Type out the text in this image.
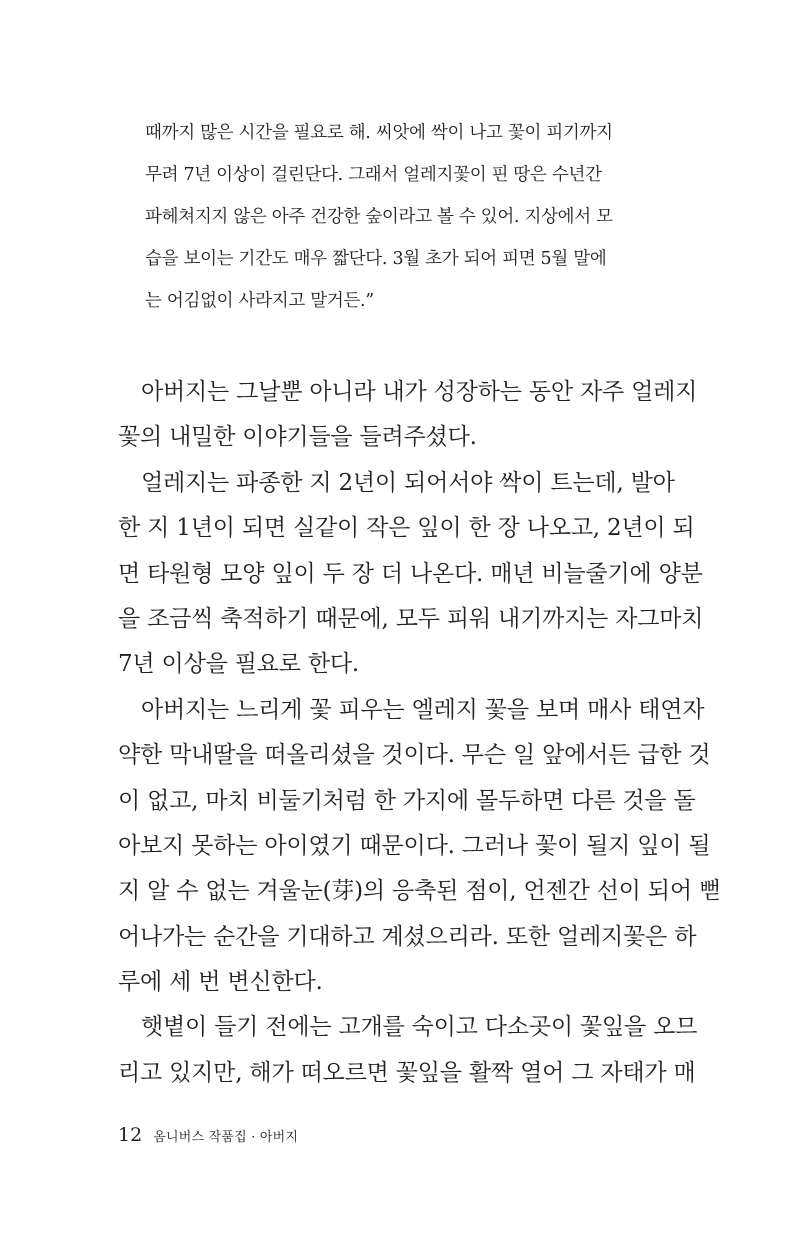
때까지 많은 시간을 필요로 해. 씨앗에 싹이 나고 꽃이 피기까지
무려 7년 이상이 걸린단다. 그래서 얼레지꽃이 핀 땅은 수년간
파헤쳐지지 않은 아주 건강한 숲이라고 볼 수 있어. 지상에서 모
습을 보이는 기간도 매우 짧단다. 3월 초가 되어 피면 5월 말에
는 어김없이 사라지고 말거든.”
아버지는 그날뿐 아니라 내가 성장하는 동안 자주 얼레지
꽃의 내밀한 이야기들을 들려주셨다.
얼레지는 파종한 지 2년이 되어서야 싹이 트는데, 발아
한 지 1년이 되면 실같이 작은 잎이 한 장 나오고, 2년이 되
면 타원형 모양 잎이 두 장 더 나온다. 매년 비늘줄기에 양분
을 조금씩 축적하기 때문에, 모두 피워 내기까지는 자그마치
7년 이상을 필요로 한다.
아버지는 느리게 꽃 피우는 엘레지 꽃을 보며 매사 태연자
약한 막내딸을 떠올리셨을 것이다. 무슨 일 앞에서든 급한 것
이 없고, 마치 비둘기처럼 한 가지에 몰두하면 다른 것을 돌
아보지 못하는 아이였기 때문이다. 그러나 꽃이 될지 잎이 될
지 알 수 없는 겨울눈(芽)의 응축된 점이, 언젠간 선이 되어 뻗
어나가는 순간을 기대하고 계셨으리라. 또한 얼레지꽃은 하
루에 세 번 변신한다.
햇볕이 들기 전에는 고개를 숙이고 다소곳이 꽃잎을 오므
리고 있지만, 해가 떠오르면 꽃잎을 활짝 열어 그 자태가 매
12 옴니버스 작품집 · 아버지
